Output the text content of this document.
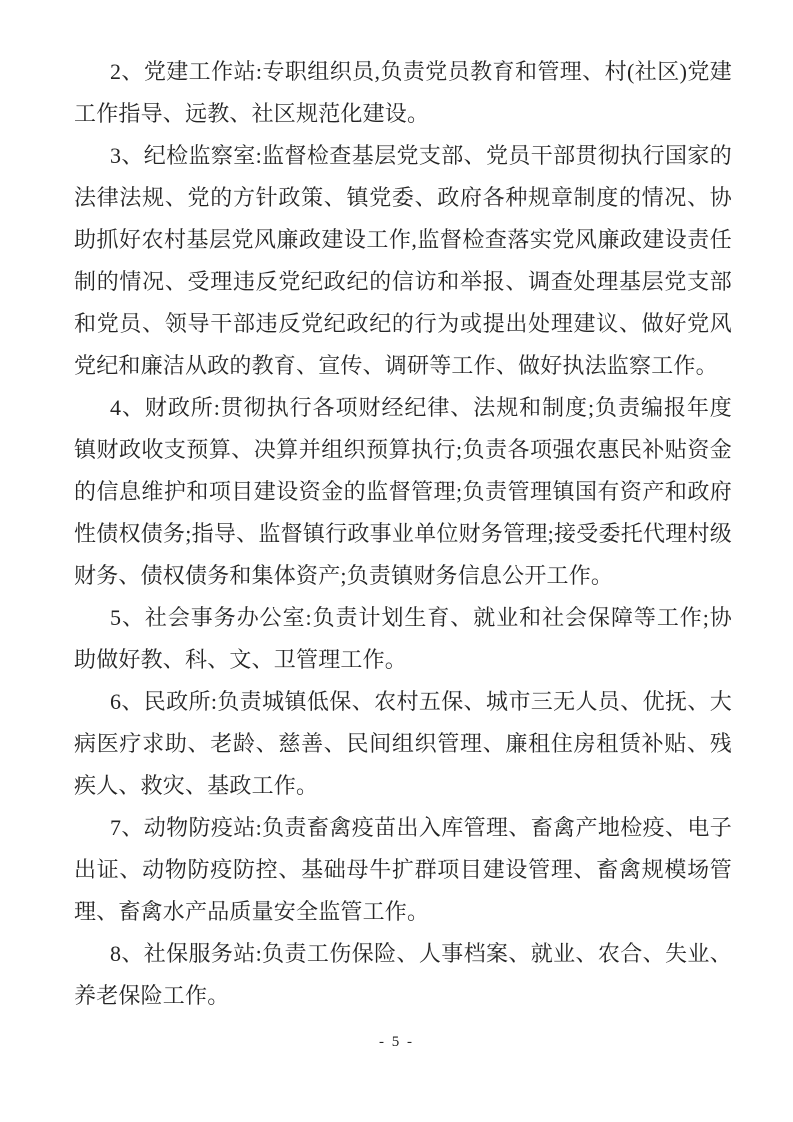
2、党建工作站:专职组织员,负责党员教育和管理、村(社区)党建工作指导、远教、社区规范化建设。

3、纪检监察室:监督检查基层党支部、党员干部贯彻执行国家的法律法规、党的方针政策、镇党委、政府各种规章制度的情况、协助抓好农村基层党风廉政建设工作,监督检查落实党风廉政建设责任制的情况、受理违反党纪政纪的信访和举报、调查处理基层党支部和党员、领导干部违反党纪政纪的行为或提出处理建议、做好党风党纪和廉洁从政的教育、宣传、调研等工作、做好执法监察工作。

4、财政所:贯彻执行各项财经纪律、法规和制度;负责编报年度镇财政收支预算、决算并组织预算执行;负责各项强农惠民补贴资金的信息维护和项目建设资金的监督管理;负责管理镇国有资产和政府性债权债务;指导、监督镇行政事业单位财务管理;接受委托代理村级财务、债权债务和集体资产;负责镇财务信息公开工作。

5、社会事务办公室:负责计划生育、就业和社会保障等工作;协助做好教、科、文、卫管理工作。

6、民政所:负责城镇低保、农村五保、城市三无人员、优抚、大病医疗求助、老龄、慈善、民间组织管理、廉租住房租赁补贴、残疾人、救灾、基政工作。

7、动物防疫站:负责畜禽疫苗出入库管理、畜禽产地检疫、电子出证、动物防疫防控、基础母牛扩群项目建设管理、畜禽规模场管理、畜禽水产品质量安全监管工作。

8、社保服务站:负责工伤保险、人事档案、就业、农合、失业、养老保险工作。

- 5 -
